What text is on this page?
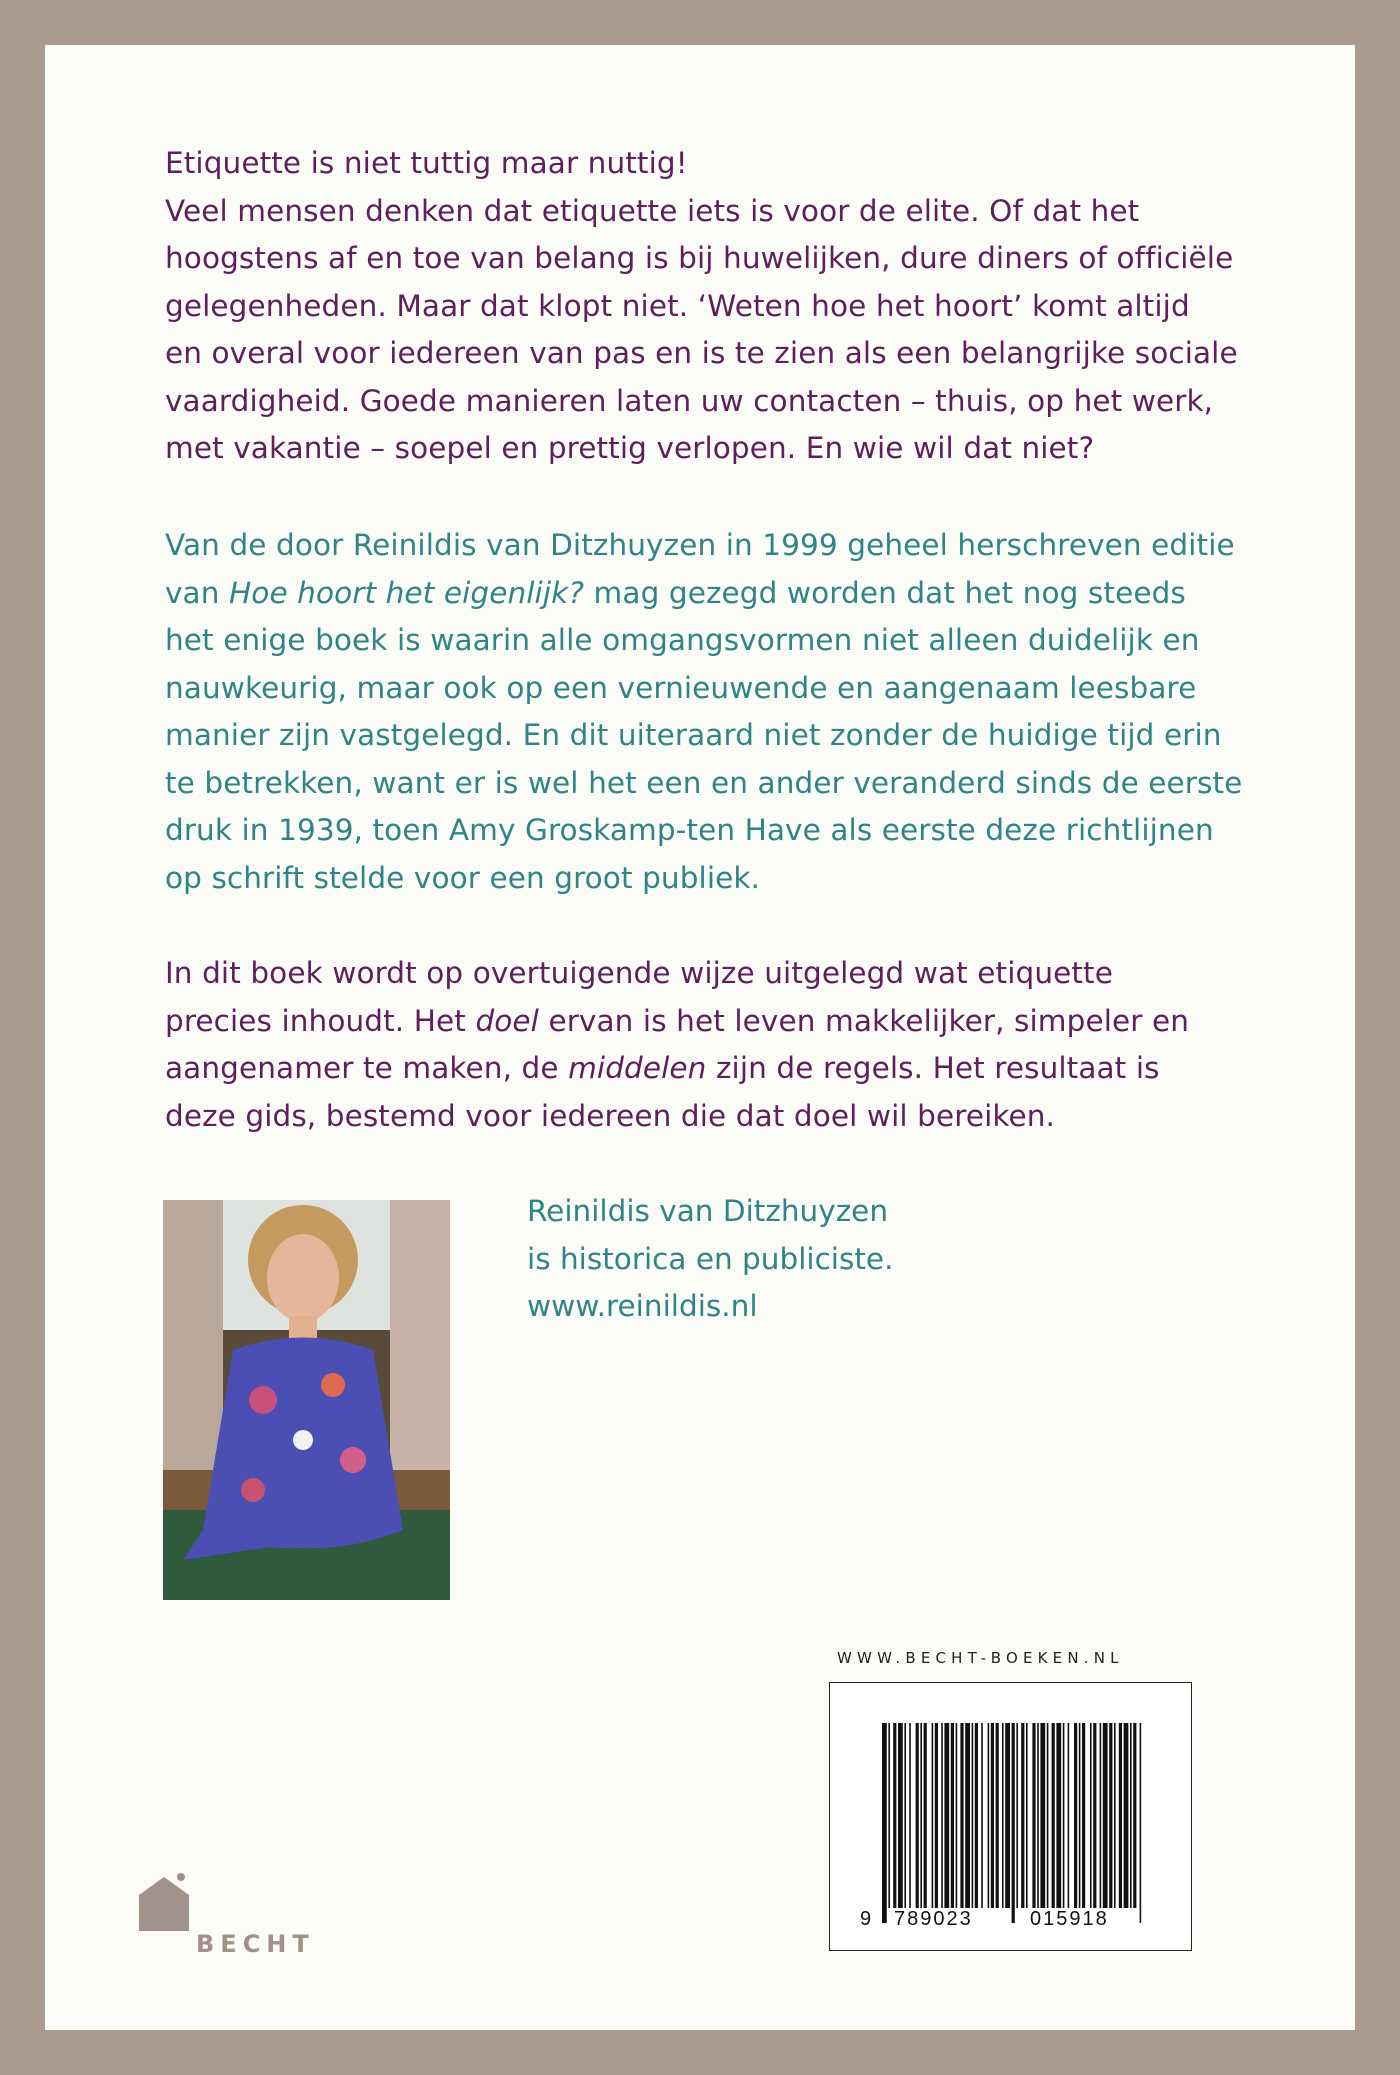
Etiquette is niet tuttig maar nuttig!
Veel mensen denken dat etiquette iets is voor de elite. Of dat het
hoogstens af en toe van belang is bij huwelijken, dure diners of officiële
gelegenheden. Maar dat klopt niet. ‘Weten hoe het hoort’ komt altijd
en overal voor iedereen van pas en is te zien als een belangrijke sociale
vaardigheid. Goede manieren laten uw contacten – thuis, op het werk,
met vakantie – soepel en prettig verlopen. En wie wil dat niet?

Van de door Reinildis van Ditzhuyzen in 1999 geheel herschreven editie
van Hoe hoort het eigenlijk? mag gezegd worden dat het nog steeds
het enige boek is waarin alle omgangsvormen niet alleen duidelijk en
nauwkeurig, maar ook op een vernieuwende en aangenaam leesbare
manier zijn vastgelegd. En dit uiteraard niet zonder de huidige tijd erin
te betrekken, want er is wel het een en ander veranderd sinds de eerste
druk in 1939, toen Amy Groskamp-ten Have als eerste deze richtlijnen
op schrift stelde voor een groot publiek.

In dit boek wordt op overtuigende wijze uitgelegd wat etiquette
precies inhoudt. Het doel ervan is het leven makkelijker, simpeler en
aangenamer te maken, de middelen zijn de regels. Het resultaat is
deze gids, bestemd voor iedereen die dat doel wil bereiken.

Reinildis van Ditzhuyzen
is historica en publiciste.
www.reinildis.nl
WWW.BECHT-BOEKEN.NL
9 789023	015918
BECHT
